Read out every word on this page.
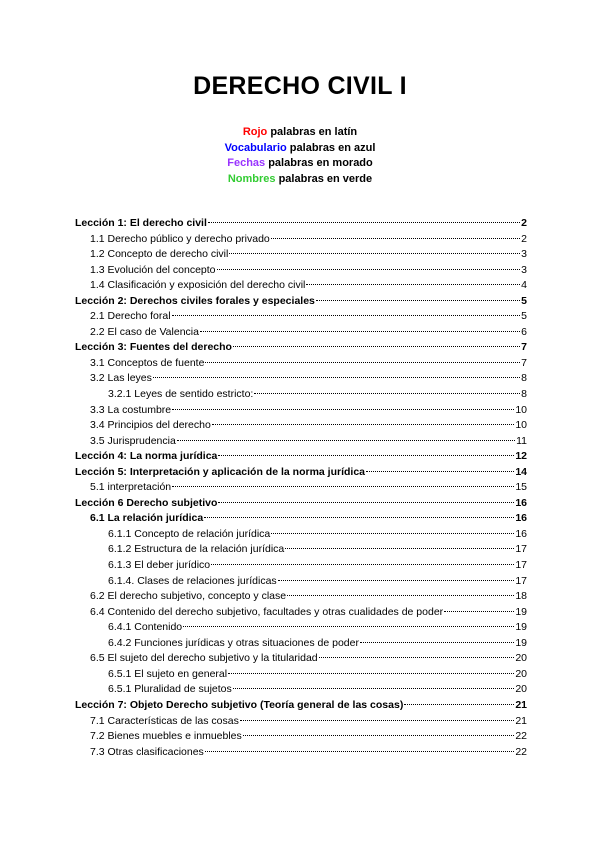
DERECHO CIVIL I
Rojo palabras en latín
Vocabulario palabras en azul
Fechas palabras en morado
Nombres palabras en verde
Lección 1: El derecho civil	2
1.1 Derecho público y derecho privado	2
1.2 Concepto de derecho civil	3
1.3 Evolución del concepto	3
1.4 Clasificación y exposición del derecho civil	4
Lección 2: Derechos civiles forales y especiales	5
2.1 Derecho foral	5
2.2 El caso de Valencia	6
Lección 3: Fuentes del derecho	7
3.1 Conceptos de fuente	7
3.2 Las leyes	8
3.2.1 Leyes de sentido estricto:	8
3.3 La costumbre	10
3.4 Principios del derecho	10
3.5 Jurisprudencia	11
Lección 4: La norma jurídica	12
Lección 5: Interpretación y aplicación de la norma jurídica	14
5.1 interpretación	15
Lección 6 Derecho subjetivo	16
6.1 La relación jurídica	16
6.1.1 Concepto de relación jurídica	16
6.1.2 Estructura de la relación jurídica	17
6.1.3 El deber jurídico	17
6.1.4. Clases de relaciones jurídicas	17
6.2 El derecho subjetivo, concepto y clase	18
6.4 Contenido del derecho subjetivo, facultades y otras cualidades de poder	19
6.4.1 Contenido	19
6.4.2 Funciones jurídicas y otras situaciones de poder	19
6.5 El sujeto del derecho subjetivo y la titularidad	20
6.5.1 El sujeto en general	20
6.5.1 Pluralidad de sujetos	20
Lección 7: Objeto Derecho subjetivo (Teoría general de las cosas)	21
7.1 Características de las cosas	21
7.2 Bienes muebles e inmuebles	22
7.3 Otras clasificaciones	22
